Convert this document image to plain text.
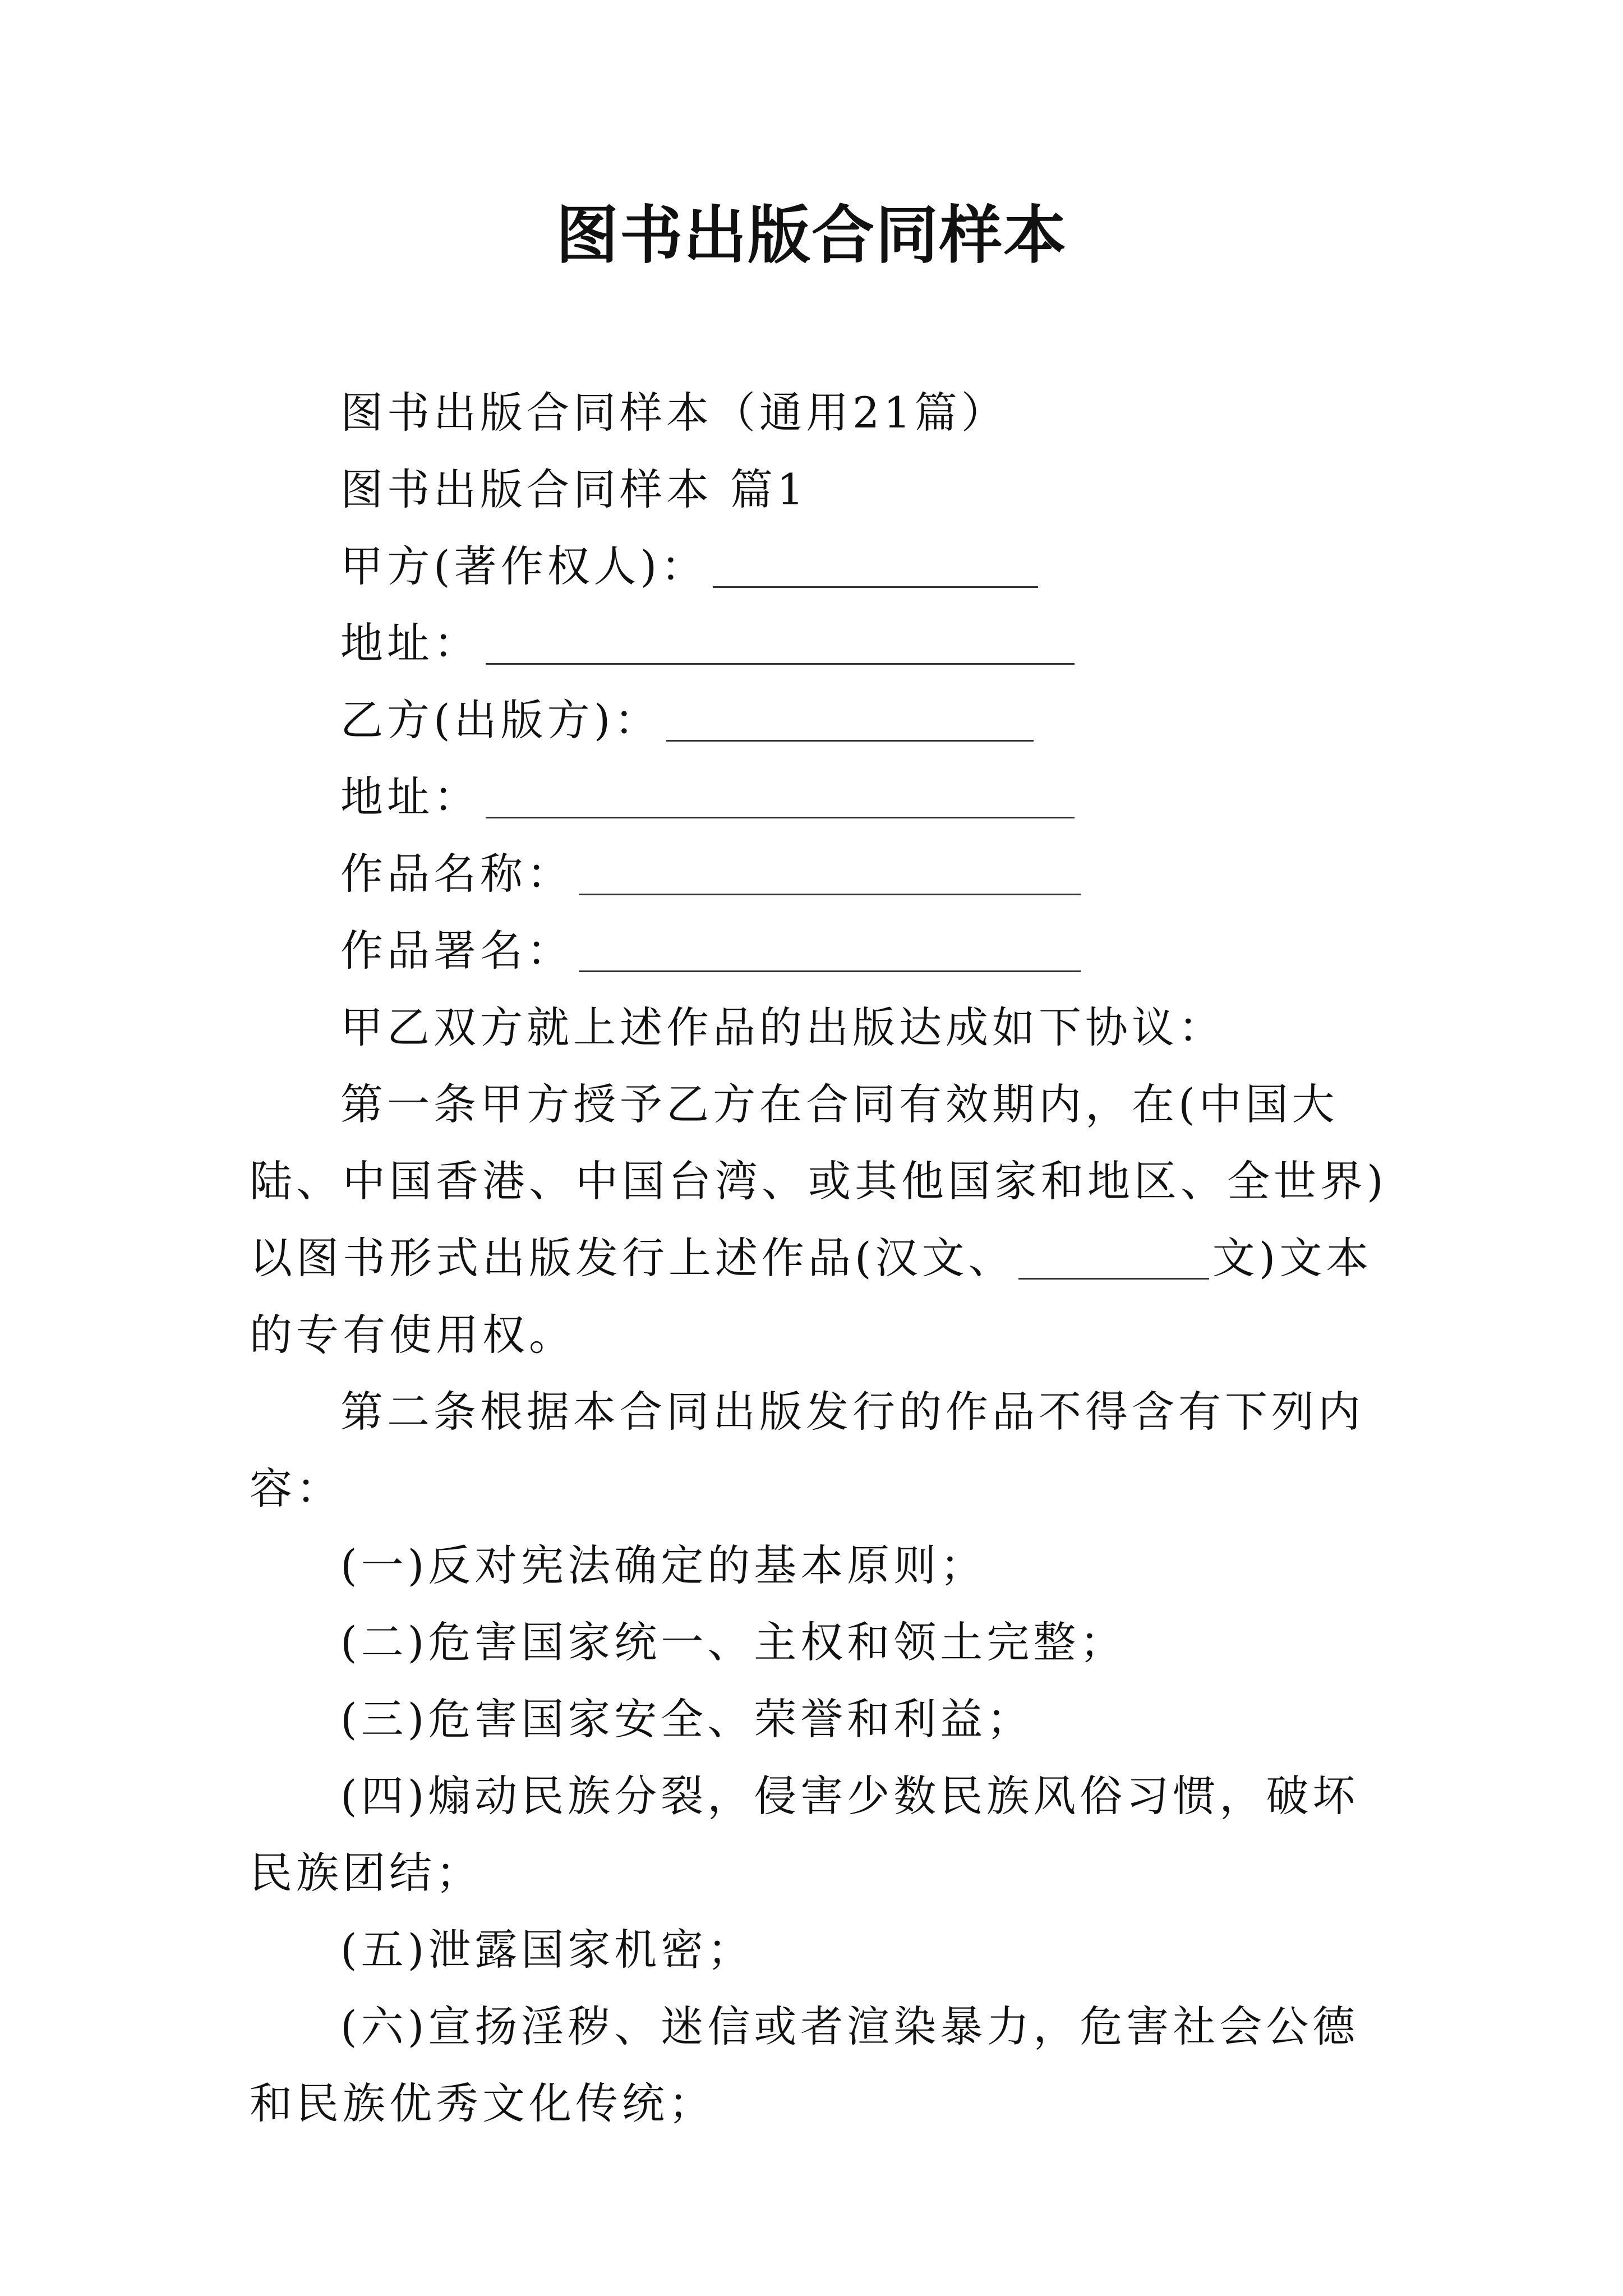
图书出版合同样本

图书出版合同样本（通用21篇）

图书出版合同样本 篇1

甲方(著作权人)：

地址：

乙方(出版方)：

地址：

作品名称：

作品署名：

甲乙双方就上述作品的出版达成如下协议：

第一条甲方授予乙方在合同有效期内，在(中国大陆、中国香港、中国台湾、或其他国家和地区、全世界)以图书形式出版发行上述作品(汉文、	文)文本的专有使用权。

第二条根据本合同出版发行的作品不得含有下列内容：

(一)反对宪法确定的基本原则；

(二)危害国家统一、主权和领土完整；

(三)危害国家安全、荣誉和利益；

(四)煽动民族分裂，侵害少数民族风俗习惯，破坏民族团结；

(五)泄露国家机密；

(六)宣扬淫秽、迷信或者渲染暴力，危害社会公德和民族优秀文化传统；
